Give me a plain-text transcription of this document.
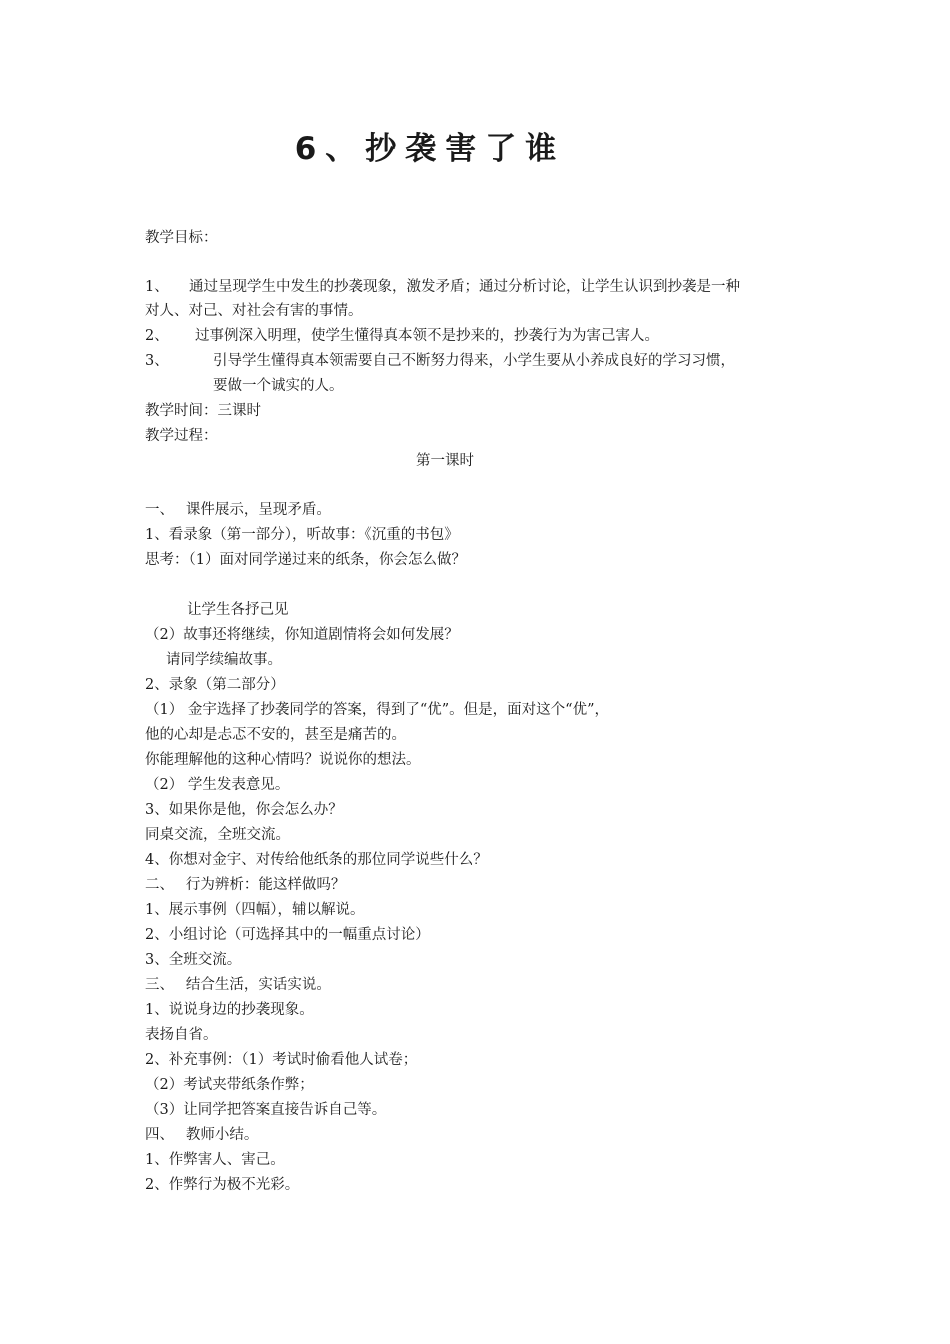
6、抄袭害了谁
教学目标：
1、 通过呈现学生中发生的抄袭现象，激发矛盾；通过分析讨论，让学生认识到抄袭是一种
对人、对己、对社会有害的事情。
2、 过事例深入明理，使学生懂得真本领不是抄来的，抄袭行为为害己害人。
3、	引导学生懂得真本领需要自己不断努力得来，小学生要从小养成良好的学习习惯，
要做一个诚实的人。
教学时间：三课时
教学过程：
第一课时
一、　 课件展示，呈现矛盾。
1、看录象（第一部分），听故事：《沉重的书包》
思考：（1）面对同学递过来的纸条，你会怎么做？
让学生各抒己见
（2）故事还将继续，你知道剧情将会如何发展？
请同学续编故事。
2、录象（第二部分）
（1） 金宇选择了抄袭同学的答案，得到了“优”。但是，面对这个“优”，
他的心却是忐忑不安的，甚至是痛苦的。
你能理解他的这种心情吗？说说你的想法。
（2） 学生发表意见。
3、如果你是他，你会怎么办？
同桌交流，全班交流。
4、你想对金宇、对传给他纸条的那位同学说些什么？
二、　 行为辨析：能这样做吗？
1、展示事例（四幅），辅以解说。
2、小组讨论（可选择其中的一幅重点讨论）
3、全班交流。
三、　 结合生活，实话实说。
1、说说身边的抄袭现象。
表扬自省。
2、补充事例：（1）考试时偷看他人试卷；
（2）考试夹带纸条作弊；
（3）让同学把答案直接告诉自己等。
四、　 教师小结。
1、作弊害人、害己。
2、作弊行为极不光彩。
